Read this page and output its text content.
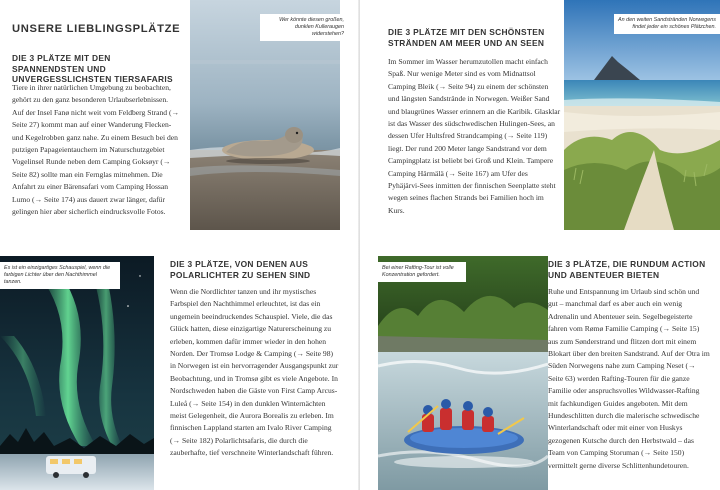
UNSERE LIEBLINGSPLÄTZE
DIE 3 PLÄTZE MIT DEN SPANNENDSTEN UND UNVERGESSLICHSTEN TIERSAFARIS

Tiere in ihrer natürlichen Umgebung zu beobachten, gehört zu den ganz besonderen Urlaubserlebnissen. Auf der Insel Fanø nicht weit vom Feldberg Strand (→ Seite 27) kommt man auf einer Wanderung Flecken- und Kegelrobben ganz nahe. Zu einem Besuch bei den putzigen Papageientauchern im Naturschutzgebiet Vogelinsel Runde neben dem Camping Goksøyr (→ Seite 82) sollte man ein Fernglas mitnehmen. Die Anfahrt zu einer Bärensafari vom Camping Hossan Lumo (→ Seite 174) aus dauert zwar länger, dafür gelingen hier aber sicherlich eindrucksvolle Fotos.

Wer könnte diesen großen, dunklen Kulleraugen widerstehen?
Es ist ein einzigartiges Schauspiel, wenn die farbigen Lichter über den Nachthimmel tanzen.
DIE 3 PLÄTZE, VON DENEN AUS POLARLICHTER ZU SEHEN SIND

Wenn die Nordlichter tanzen und ihr mystisches Farbspiel den Nachthimmel erleuchtet, ist das ein ungemein beeindruckendes Schauspiel. Viele, die das Glück hatten, diese einzigartige Naturerscheinung zu erleben, kommen dafür immer wieder in den hohen Norden. Der Tromsø Lodge & Camping (→ Seite 98) in Norwegen ist ein hervorragender Ausgangspunkt zur Beobachtung, und in Tromsø gibt es viele Angebote. In Nordschweden haben die Gäste von First Camp Arcus-Luleå (→ Seite 154) in den dunklen Winternächten meist Gelegenheit, die Aurora Borealis zu erleben. Im finnischen Lappland starten am Ivalo River Camping (→ Seite 182) Polarlichtsafaris, die durch die zauberhafte, tief verschneite Winterlandschaft führen.

DIE 3 PLÄTZE MIT DEN SCHÖNSTEN STRÄNDEN AM MEER UND AN SEEN

Im Sommer im Wasser herumzutollen macht einfach Spaß. Nur wenige Meter sind es vom Midnattsol Camping Bleik (→ Seite 94) zu einem der schönsten und längsten Sandstrände in Norwegen. Weißer Sand und blaugrünes Wasser erinnern an die Karibik. Glasklar ist das Wasser des südschwedischen Hulingen-Sees, an dessen Ufer Hultsfred Strandcamping (→ Seite 119) liegt. Der rund 200 Meter lange Sandstrand vor dem Campingplatz ist beliebt bei Groß und Klein. Tampere Camping Härmälä (→ Seite 167) am Ufer des Pyhäjärvi-Sees inmitten der finnischen Seenplatte steht wegen seines flachen Strands bei Familien hoch im Kurs.

An den weiten Sandstränden Norwegens findet jeder ein schönes Plätzchen.
Bei einer Rafting-Tour ist volle Konzentration gefordert.
DIE 3 PLÄTZE, DIE RUNDUM ACTION UND ABENTEUER BIETEN

Ruhe und Entspannung im Urlaub sind schön und gut – manchmal darf es aber auch ein wenig Adrenalin und Abenteuer sein. Segelbegeisterte fahren vom Rømø Familie Camping (→ Seite 15) aus zum Sønderstrand und flitzen dort mit einem Blokart über den breiten Sandstrand. Auf der Otra im Süden Norwegens nahe zum Camping Neset (→ Seite 63) werden Rafting-Touren für die ganze Familie oder anspruchsvolles Wildwasser-Rafting mit fachkundigen Guides angeboten. Mit dem Hundeschlitten durch die malerische schwedische Winterlandschaft oder mit einer von Huskys gezogenen Kutsche durch den Herbstwald – das Team von Camping Storuman (→ Seite 150) vermittelt gerne diverse Schlittenhundetouren.
